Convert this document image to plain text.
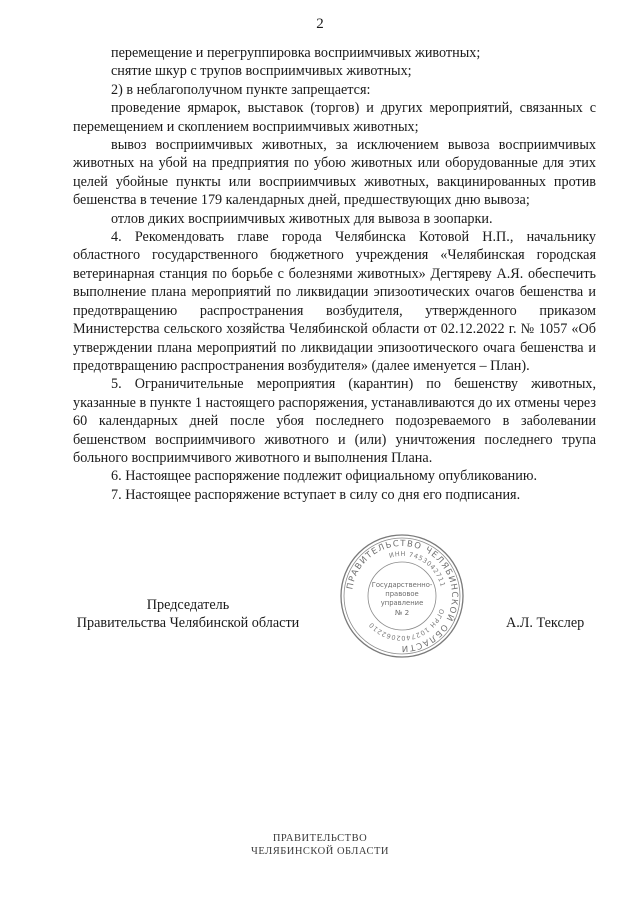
2

перемещение и перегруппировка восприимчивых животных;

снятие шкур с трупов восприимчивых животных;

2) в неблагополучном пункте запрещается:

проведение ярмарок, выставок (торгов) и других мероприятий, связанных с перемещением и скоплением восприимчивых животных;

вывоз восприимчивых животных, за исключением вывоза восприимчивых животных на убой на предприятия по убою животных или оборудованные для этих целей убойные пункты или восприимчивых животных, вакцинированных против бешенства в течение 179 календарных дней, предшествующих дню вывоза;

отлов диких восприимчивых животных для вывоза в зоопарки.

4. Рекомендовать главе города Челябинска Котовой Н.П., начальнику областного государственного бюджетного учреждения «Челябинская городская ветеринарная станция по борьбе с болезнями животных» Дегтяреву А.Я. обеспечить выполнение плана мероприятий по ликвидации эпизоотических очагов бешенства и предотвращению распространения возбудителя, утвержденного приказом Министерства сельского хозяйства Челябинской области от 02.12.2022 г. № 1057 «Об утверждении плана мероприятий по ликвидации эпизоотического очага бешенства и предотвращению распространения возбудителя» (далее именуется – План).

5. Ограничительные мероприятия (карантин) по бешенству животных, указанные в пункте 1 настоящего распоряжения, устанавливаются до их отмены через 60 календарных дней после убоя последнего подозреваемого в заболевании бешенством восприимчивого животного и (или) уничтожения последнего трупа больного восприимчивого животного и выполнения Плана.

6. Настоящее распоряжение подлежит официальному опубликованию.

7. Настоящее распоряжение вступает в силу со дня его подписания.

ПРАВИТЕЛЬСТВО ЧЕЛЯБИНСКОЙ ОБЛАСТИ
ОГРН 1027402062210
ИНН 7453042711
Государственно-
правовое
управление
№ 2
Председатель
Правительства Челябинской области	А.Л. Текслер
ПРАВИТЕЛЬСТВО
ЧЕЛЯБИНСКОЙ ОБЛАСТИ
